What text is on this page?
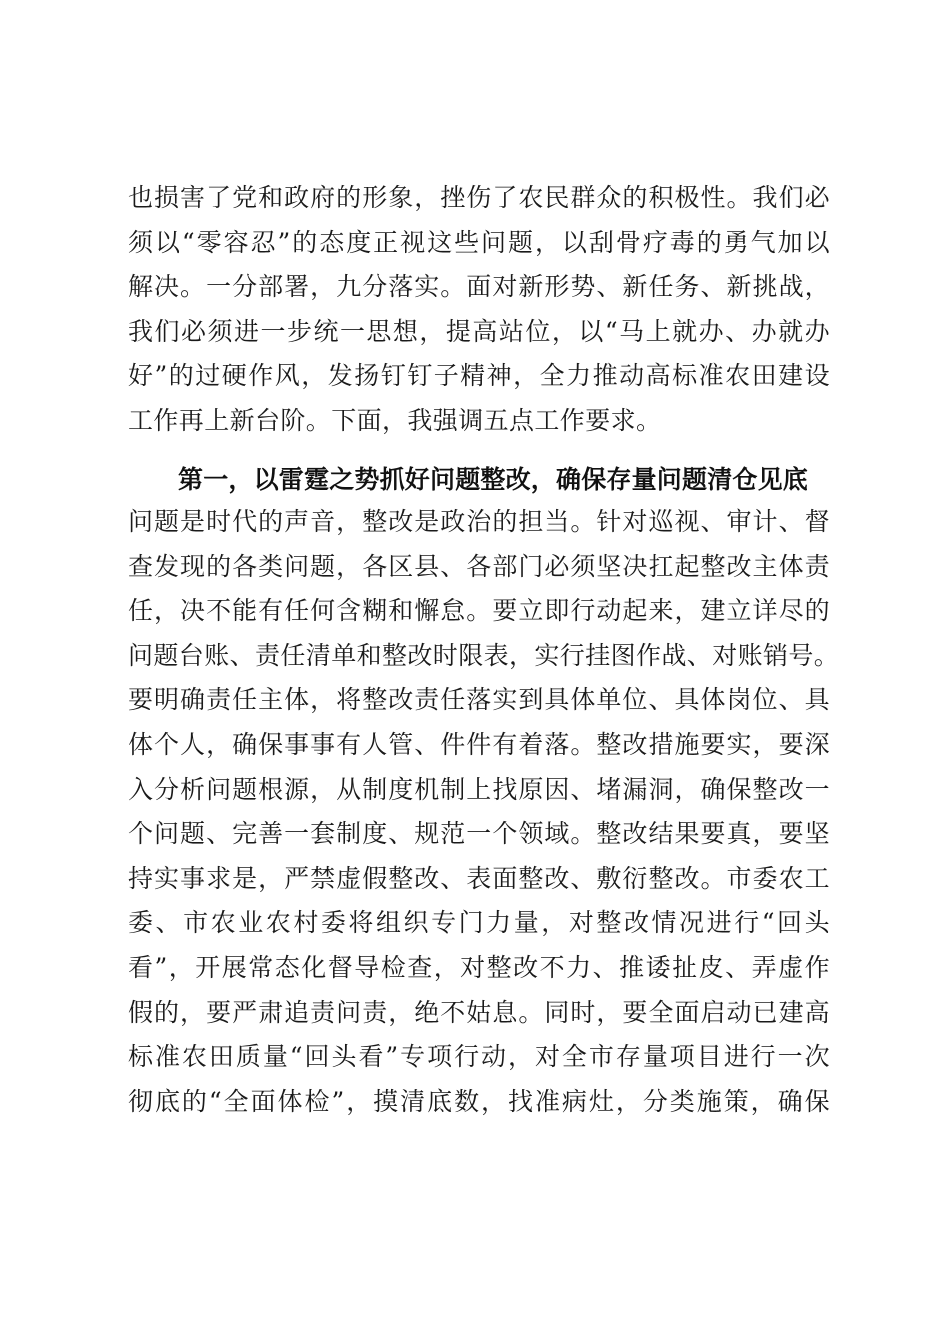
也损害了党和政府的形象，挫伤了农民群众的积极性。我们必
须以“零容忍”的态度正视这些问题，以刮骨疗毒的勇气加以
解决。一分部署，九分落实。面对新形势、新任务、新挑战，
我们必须进一步统一思想，提高站位，以“马上就办、办就办
好”的过硬作风，发扬钉钉子精神，全力推动高标准农田建设
工作再上新台阶。下面，我强调五点工作要求。
第一，以雷霆之势抓好问题整改，确保存量问题清仓见底
问题是时代的声音，整改是政治的担当。针对巡视、审计、督
查发现的各类问题，各区县、各部门必须坚决扛起整改主体责
任，决不能有任何含糊和懈怠。要立即行动起来，建立详尽的
问题台账、责任清单和整改时限表，实行挂图作战、对账销号。
要明确责任主体，将整改责任落实到具体单位、具体岗位、具
体个人，确保事事有人管、件件有着落。整改措施要实，要深
入分析问题根源，从制度机制上找原因、堵漏洞，确保整改一
个问题、完善一套制度、规范一个领域。整改结果要真，要坚
持实事求是，严禁虚假整改、表面整改、敷衍整改。市委农工
委、市农业农村委将组织专门力量，对整改情况进行“回头
看”，开展常态化督导检查，对整改不力、推诿扯皮、弄虚作
假的，要严肃追责问责，绝不姑息。同时，要全面启动已建高
标准农田质量“回头看”专项行动，对全市存量项目进行一次
彻底的“全面体检”，摸清底数，找准病灶，分类施策，确保
